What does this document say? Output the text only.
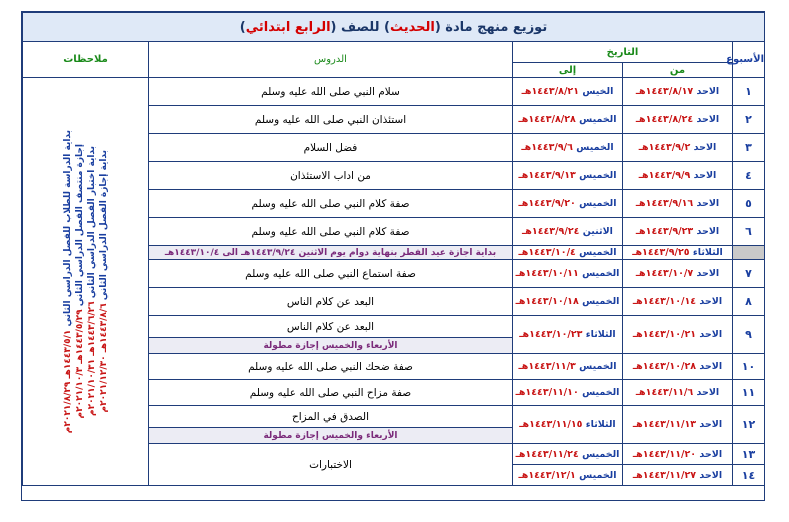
توزيع منهج مادة (الحديث) للصف (الرابع ابتدائي)				
الأسبوع	التاريخ		الدروس	ملاحظات
	من	إلى		
١	الاحد ١٤٤٣/٨/١٧هـ	الخيس ١٤٤٣/٨/٢١هـ	سلام النبي صلى الله عليه وسلم	بداية الدراسة للطلاب للفصل الدراسي الثاني ١٤٤٣/٥/١هـ ٢٠٢١/٨/٢٩م
إجازة منتصف الفصل الدراسي الثاني ١٤٤٣/٥/٢٩هـ ٢٠٢١/١٠/٣م
بداية اختبار الفصل الدراسي الثاني ١٤٤٣/٦/٢٦هـ ٢٠٢١/١٠/٣١م
بداية إجازة الفصل الدراسي الثاني ١٤٤٣/٨/٦هـ ٢٠٢١/١٢/٣٠م

٢	الاحد ١٤٤٣/٨/٢٤هـ	الخميس ١٤٤٣/٨/٢٨هـ	استئذان النبي صلى الله عليه وسلم	
٣	الاحد ١٤٤٣/٩/٢هـ	الخميس ١٤٤٣/٩/٦هـ	فضل السلام	
٤	الاحد ١٤٤٣/٩/٩هـ	الخميس ١٤٤٣/٩/١٣هـ	من اداب الاستئذان	
٥	الاحد ١٤٤٣/٩/١٦هـ	الخميس ١٤٤٣/٩/٢٠هـ	صفة كلام النبي صلى الله عليه وسلم	
٦	الاحد ١٤٤٣/٩/٢٣هـ	الاثنين ١٤٤٣/٩/٢٤هـ	صفة كلام النبي صلى الله عليه وسلم	
	الثلاثاء ١٤٤٣/٩/٢٥هـ	الخميس ١٤٤٣/١٠/٤هـ	بداية اجازة عيد الفطر بنهاية دوام يوم الاثنين ١٤٤٣/٩/٢٤هـ الى ١٤٤٣/١٠/٤هـ	
٧	الاحد ١٤٤٣/١٠/٧هـ	الخميس ١٤٤٣/١٠/١١هـ	صفة استماع النبي صلى الله عليه وسلم	
٨	الاحد ١٤٤٣/١٠/١٤هـ	الخميس ١٤٤٣/١٠/١٨هـ	البعد عن كلام الناس	
٩	الاحد ١٤٤٣/١٠/٢١هـ	الثلاثاء ١٤٤٣/١٠/٢٣هـ	البعد عن كلام الناس	
			الأربعاء والخميس إجازة مطولة	
١٠	الاحد ١٤٤٣/١٠/٢٨هـ	الخميس ١٤٤٣/١١/٣هـ	صفة ضحك النبي صلى الله عليه وسلم	
١١	الاحد ١٤٤٣/١١/٦هـ	الخميس ١٤٤٣/١١/١٠هـ	صفة مزاح النبي صلى الله عليه وسلم	
١٢	الاحد ١٤٤٣/١١/١٣هـ	الثلاثاء ١٤٤٣/١١/١٥هـ	الصدق في المزاح	
			الأربعاء والخميس إجازة مطولة	
١٣	الاحد ١٤٤٣/١١/٢٠هـ	الخميس ١٤٤٣/١١/٢٤هـ	الاختبارات	
١٤	الاحد ١٤٤٣/١١/٢٧هـ	الخميس ١٤٤٣/١٢/١هـ		
